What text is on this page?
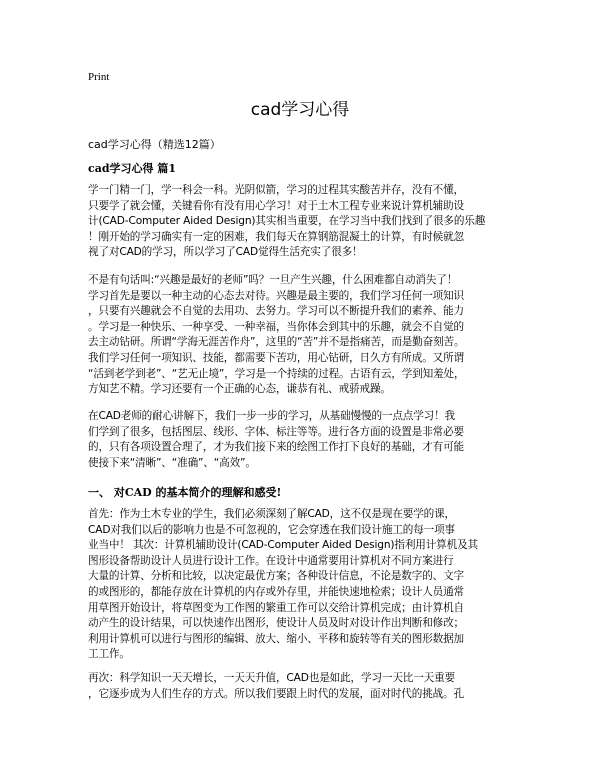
Print
cad学习心得
cad学习心得（精选12篇）
cad学习心得 篇1

学一门精一门，学一科会一科。光阴似箭，学习的过程其实酸苦并存，没有不懂，
只要学了就会懂，关键看你有没有用心学习！对于土木工程专业来说计算机辅助设
计(CAD-Computer Aided Design)其实相当重要，在学习当中我们找到了很多的乐趣
！刚开始的学习确实有一定的困难，我们每天在算钢筋混凝土的计算，有时候就忽
视了对CAD的学习，所以学习了CAD觉得生活充实了很多！

不是有句话叫:“兴趣是最好的老师”吗？一旦产生兴趣，什么困难都自动消失了！
学习首先是要以一种主动的心态去对待。兴趣是最主要的，我们学习任何一项知识
，只要有兴趣就会不自觉的去用功、去努力。学习可以不断提升我们的素养、能力
。学习是一种快乐、一种享受、一种幸福，当你体会到其中的乐趣，就会不自觉的
去主动钻研。所谓“学海无涯苦作舟”，这里的“苦”并不是指痛苦，而是勤奋刻苦。
我们学习任何一项知识、技能，都需要下苦功，用心钻研，日久方有所成。又所谓
“活到老学到老”、“艺无止境”，学习是一个持续的过程。古语有云，学到知羞处，
方知艺不精。学习还要有一个正确的心态，谦恭有礼、戒骄戒躁。

在CAD老师的耐心讲解下，我们一步一步的学习，从基础慢慢的一点点学习！我
们学到了很多，包括图层、线形、字体、标注等等。进行各方面的设置是非常必要
的，只有各项设置合理了，才为我们接下来的绘图工作打下良好的基础，才有可能
使接下来“清晰”、“准确”、“高效”。

一、 对CAD 的基本简介的理解和感受!

首先：作为土木专业的学生，我们必须深刻了解CAD，这不仅是现在要学的课，
CAD对我们以后的影响力也是不可忽视的，它会穿透在我们设计施工的每一项事
业当中！ 其次：计算机辅助设计(CAD-Computer Aided Design)指利用计算机及其
图形设备帮助设计人员进行设计工作。在设计中通常要用计算机对不同方案进行
大量的计算、分析和比较，以决定最优方案；各种设计信息，不论是数字的、文字
的或图形的，都能存放在计算机的内存或外存里，并能快速地检索；设计人员通常
用草图开始设计，将草图变为工作图的繁重工作可以交给计算机完成；由计算机自
动产生的设计结果，可以快速作出图形，使设计人员及时对设计作出判断和修改；
利用计算机可以进行与图形的编辑、放大、缩小、平移和旋转等有关的图形数据加
工工作。

再次：科学知识一天天增长，一天天升值，CAD也是如此，学习一天比一天重要
，它逐步成为人们生存的方式。所以我们要跟上时代的发展，面对时代的挑战。孔
